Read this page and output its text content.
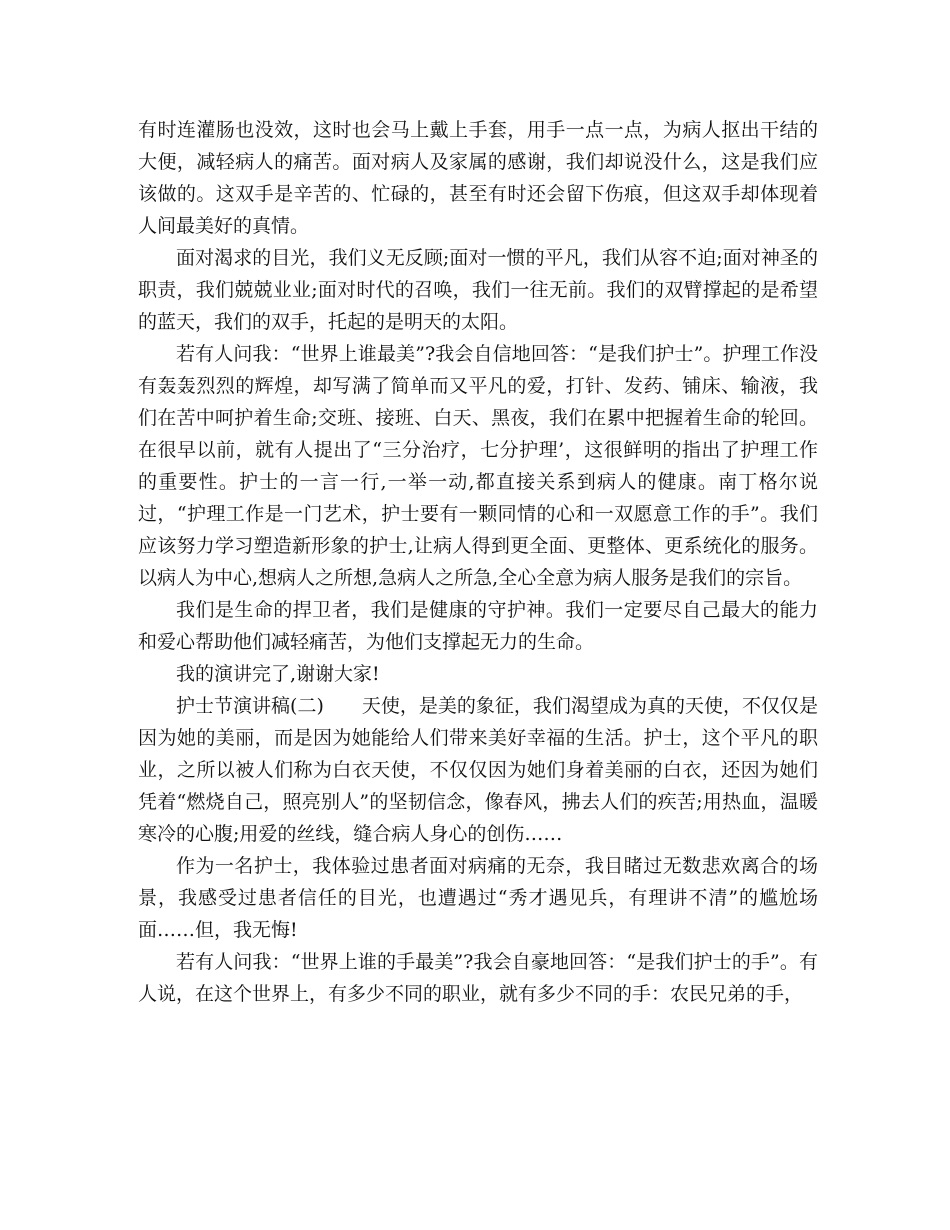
有时连灌肠也没效，这时也会马上戴上手套，用手一点一点，为病人抠出干结的大便，减轻病人的痛苦。面对病人及家属的感谢，我们却说没什么，这是我们应该做的。这双手是辛苦的、忙碌的，甚至有时还会留下伤痕，但这双手却体现着人间最美好的真情。

面对渴求的目光，我们义无反顾;面对一惯的平凡，我们从容不迫;面对神圣的职责，我们兢兢业业;面对时代的召唤，我们一往无前。我们的双臂撑起的是希望的蓝天，我们的双手，托起的是明天的太阳。

若有人问我：“世界上谁最美”?我会自信地回答：“是我们护士”。护理工作没有轰轰烈烈的辉煌，却写满了简单而又平凡的爱，打针、发药、铺床、输液，我们在苦中呵护着生命;交班、接班、白天、黑夜，我们在累中把握着生命的轮回。在很早以前，就有人提出了“三分治疗，七分护理’，这很鲜明的指出了护理工作的重要性。护士的一言一行,一举一动,都直接关系到病人的健康。南丁格尔说过，“护理工作是一门艺术，护士要有一颗同情的心和一双愿意工作的手”。我们应该努力学习塑造新形象的护士,让病人得到更全面、更整体、更系统化的服务。以病人为中心,想病人之所想,急病人之所急,全心全意为病人服务是我们的宗旨。

我们是生命的捍卫者，我们是健康的守护神。我们一定要尽自己最大的能力和爱心帮助他们减轻痛苦，为他们支撑起无力的生命。

我的演讲完了,谢谢大家!

护士节演讲稿(二)　　天使，是美的象征，我们渴望成为真的天使，不仅仅是因为她的美丽，而是因为她能给人们带来美好幸福的生活。护士，这个平凡的职业，之所以被人们称为白衣天使，不仅仅因为她们身着美丽的白衣，还因为她们凭着“燃烧自己，照亮别人”的坚韧信念，像春风，拂去人们的疾苦;用热血，温暖寒冷的心腹;用爱的丝线，缝合病人身心的创伤……

作为一名护士，我体验过患者面对病痛的无奈，我目睹过无数悲欢离合的场景，我感受过患者信任的目光，也遭遇过“秀才遇见兵，有理讲不清”的尴尬场面……但，我无悔!

若有人问我：“世界上谁的手最美”?我会自豪地回答：“是我们护士的手”。有人说，在这个世界上，有多少不同的职业，就有多少不同的手：农民兄弟的手，
